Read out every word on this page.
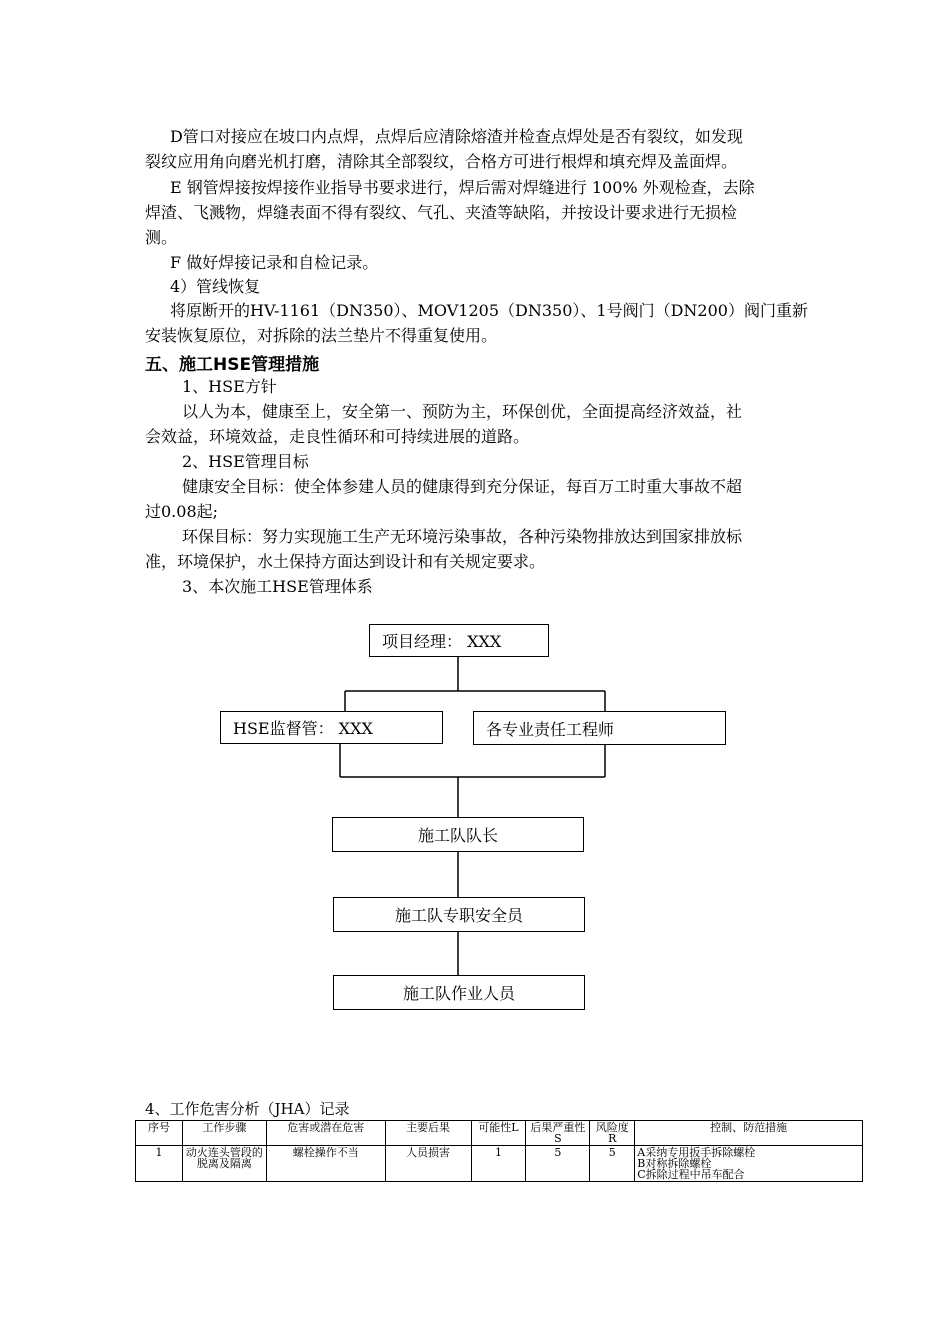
D管口对接应在坡口内点焊，点焊后应清除熔渣并检查点焊处是否有裂纹，如发现
裂纹应用角向磨光机打磨，清除其全部裂纹，合格方可进行根焊和填充焊及盖面焊。
E 钢管焊接按焊接作业指导书要求进行，焊后需对焊缝进行 100% 外观检查，去除
焊渣、飞溅物，焊缝表面不得有裂纹、气孔、夹渣等缺陷，并按设计要求进行无损检
测。
F 做好焊接记录和自检记录。
4）管线恢复
将原断开的HV-1161（DN350）、MOV1205（DN350）、1号阀门（DN200）阀门重新
安装恢复原位，对拆除的法兰垫片不得重复使用。
五、施工HSE管理措施
1、HSE方针
以人为本，健康至上，安全第一、预防为主，环保创优，全面提高经济效益，社
会效益，环境效益，走良性循环和可持续进展的道路。
2、HSE管理目标
健康安全目标：使全体参建人员的健康得到充分保证，每百万工时重大事故不超
过0.08起;
环保目标：努力实现施工生产无环境污染事故，各种污染物排放达到国家排放标
准，环境保护，水土保持方面达到设计和有关规定要求。
3、本次施工HSE管理体系
项目经理： XXX
HSE监督管： XXX	各专业责任工程师
施工队队长
施工队专职安全员
施工队作业人员
4、工作危害分析（JHA）记录
序号	工作步骤	危害或潜在危害	主要后果	可能性L	后果严重性S	风险度R	控制、防范措施
1	动火连头管段的脱离及隔离	螺栓操作不当	人员损害	1	5	5	A采纳专用扳手拆除螺栓
B对称拆除螺栓
C拆除过程中吊车配合
